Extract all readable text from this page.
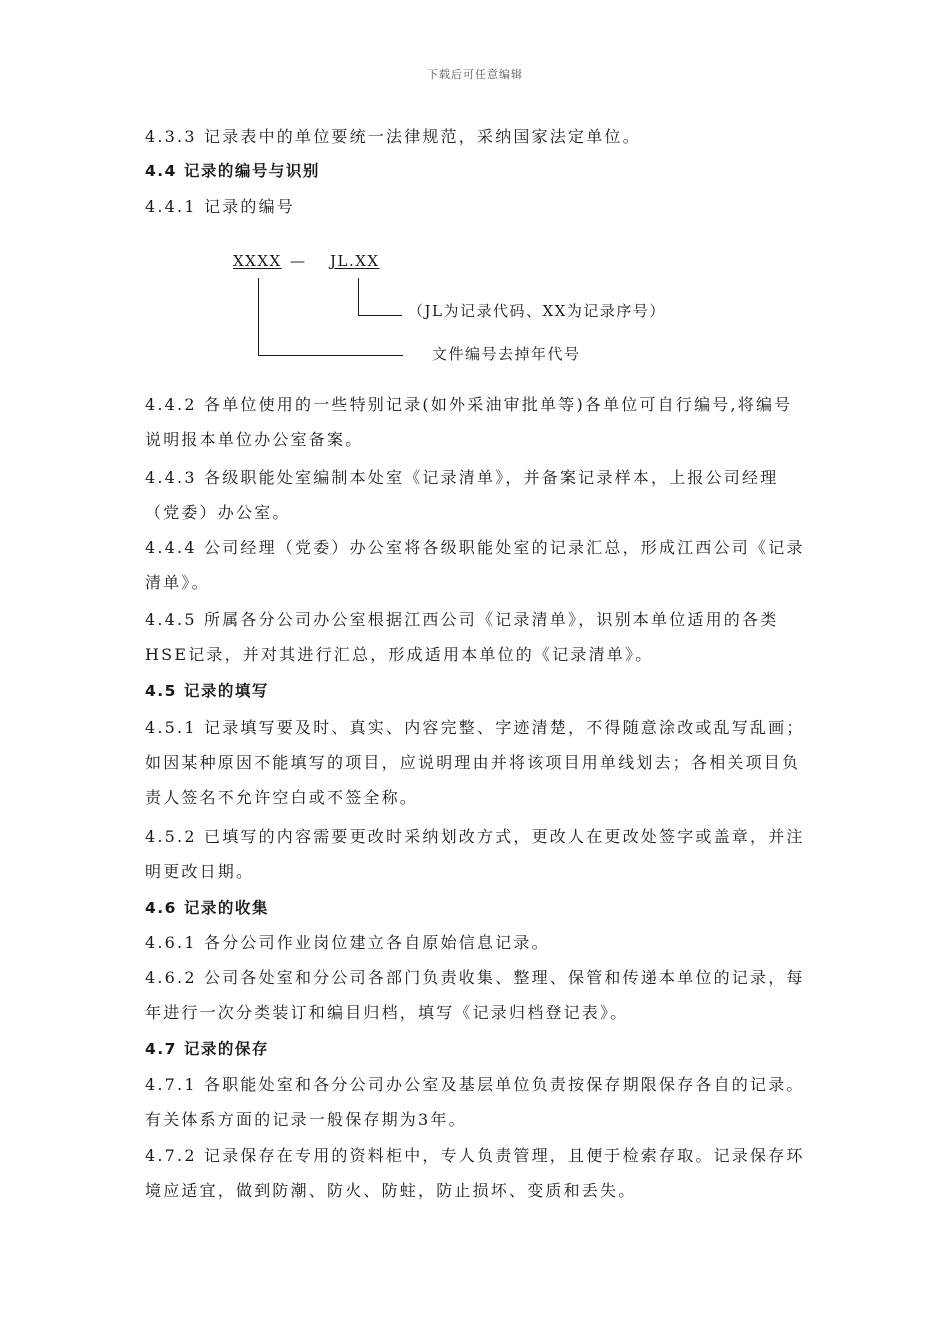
下载后可任意编辑
4.3.3 记录表中的单位要统一法律规范，采纳国家法定单位。
4.4 记录的编号与识别
4.4.1 记录的编号
XXXX — JL.XX
（JL为记录代码、XX为记录序号）
文件编号去掉年代号
4.4.2 各单位使用的一些特别记录(如外采油审批单等)各单位可自行编号,将编号说明报本单位办公室备案。
4.4.3 各级职能处室编制本处室《记录清单》，并备案记录样本，上报公司经理（党委）办公室。
4.4.4 公司经理（党委）办公室将各级职能处室的记录汇总，形成江西公司《记录清单》。
4.4.5 所属各分公司办公室根据江西公司《记录清单》，识别本单位适用的各类HSE记录，并对其进行汇总，形成适用本单位的《记录清单》。
4.5 记录的填写
4.5.1 记录填写要及时、真实、内容完整、字迹清楚，不得随意涂改或乱写乱画；如因某种原因不能填写的项目，应说明理由并将该项目用单线划去；各相关项目负责人签名不允许空白或不签全称。
4.5.2 已填写的内容需要更改时采纳划改方式，更改人在更改处签字或盖章，并注明更改日期。
4.6 记录的收集
4.6.1 各分公司作业岗位建立各自原始信息记录。
4.6.2 公司各处室和分公司各部门负责收集、整理、保管和传递本单位的记录，每年进行一次分类装订和编目归档，填写《记录归档登记表》。
4.7 记录的保存
4.7.1 各职能处室和各分公司办公室及基层单位负责按保存期限保存各自的记录。有关体系方面的记录一般保存期为3年。
4.7.2 记录保存在专用的资料柜中，专人负责管理，且便于检索存取。记录保存环境应适宜，做到防潮、防火、防蛀，防止损坏、变质和丢失。
